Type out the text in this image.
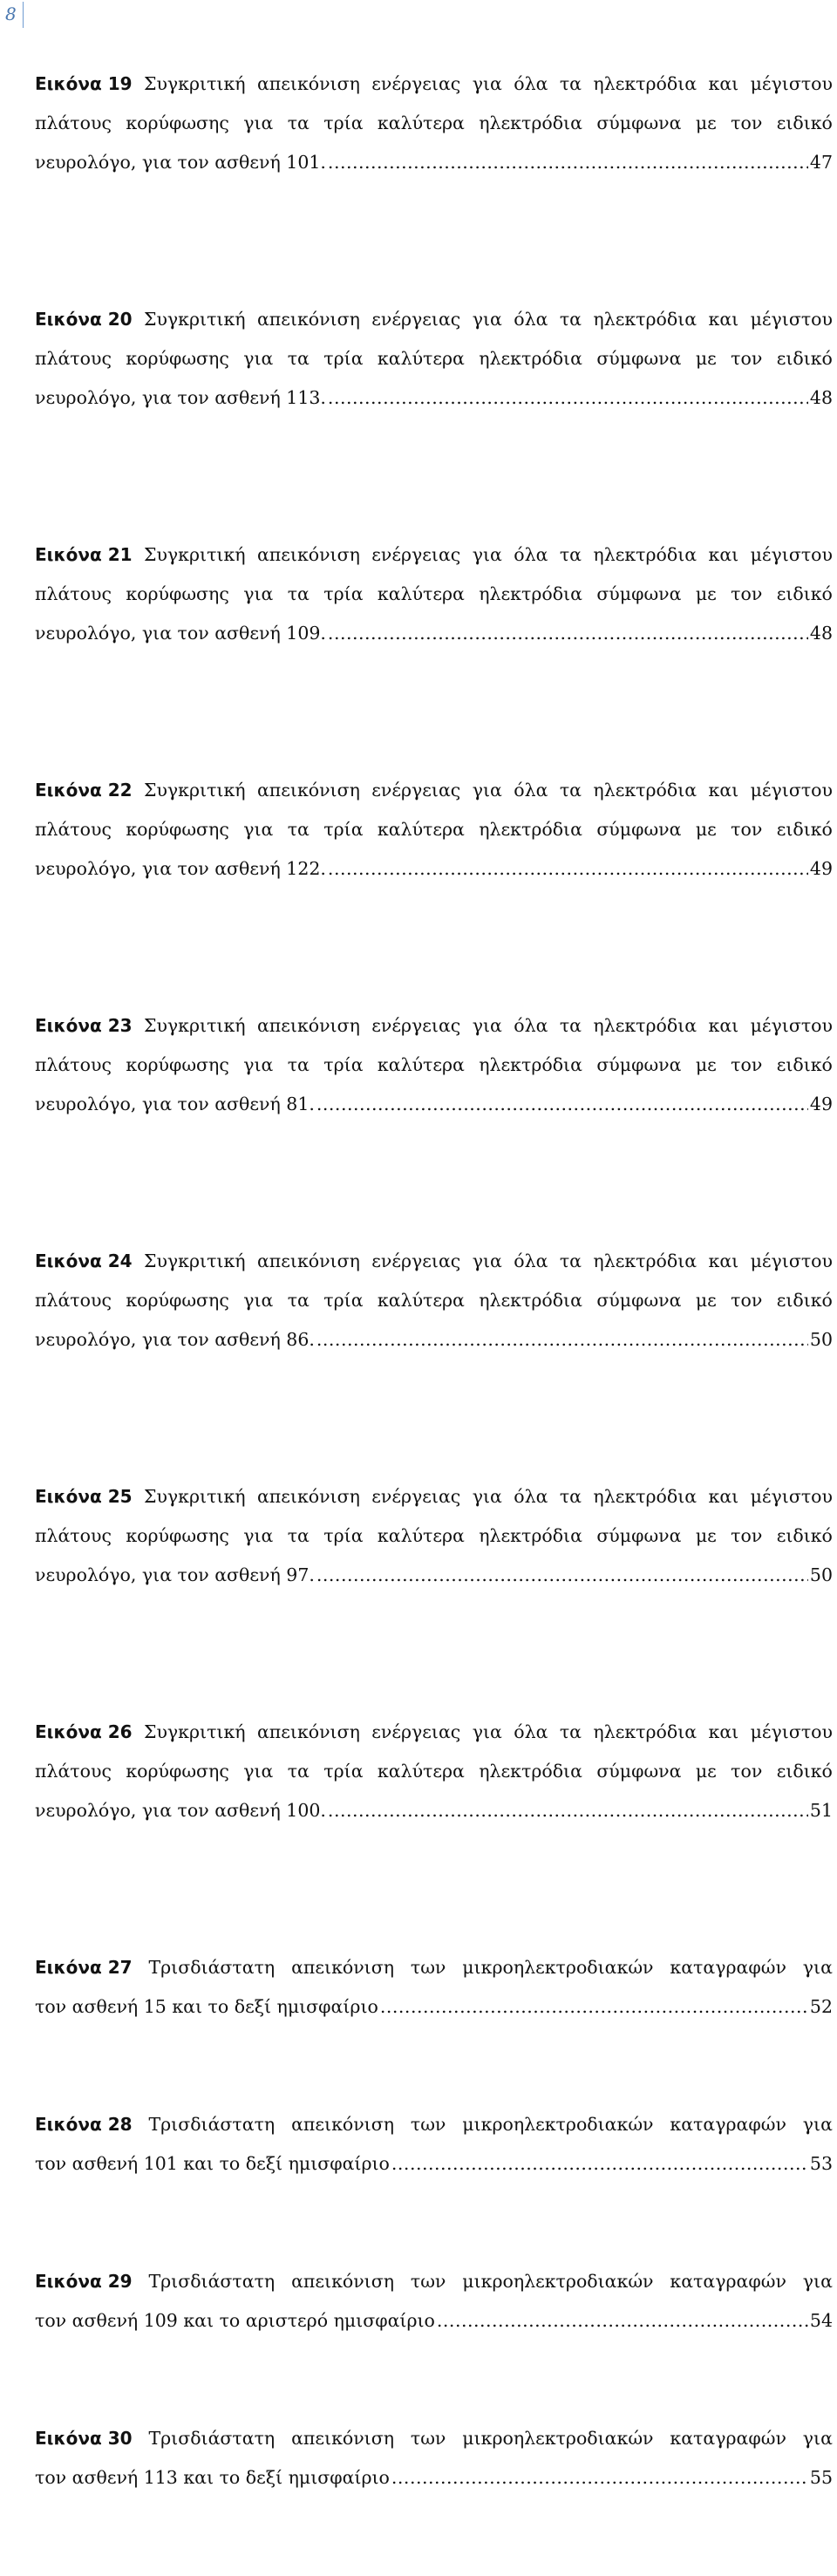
8
Εικόνα 19 Συγκριτική απεικόνιση ενέργειας για όλα τα ηλεκτρόδια και μέγιστου
πλάτους κορύφωσης για τα τρία καλύτερα ηλεκτρόδια σύμφωνα με τον ειδικό
νευρολόγο, για τον ασθενή 101. .....	47
Εικόνα 20 Συγκριτική απεικόνιση ενέργειας για όλα τα ηλεκτρόδια και μέγιστου
πλάτους κορύφωσης για τα τρία καλύτερα ηλεκτρόδια σύμφωνα με τον ειδικό
νευρολόγο, για τον ασθενή 113. .....	48
Εικόνα 21 Συγκριτική απεικόνιση ενέργειας για όλα τα ηλεκτρόδια και μέγιστου
πλάτους κορύφωσης για τα τρία καλύτερα ηλεκτρόδια σύμφωνα με τον ειδικό
νευρολόγο, για τον ασθενή 109. .....	48
Εικόνα 22 Συγκριτική απεικόνιση ενέργειας για όλα τα ηλεκτρόδια και μέγιστου
πλάτους κορύφωσης για τα τρία καλύτερα ηλεκτρόδια σύμφωνα με τον ειδικό
νευρολόγο, για τον ασθενή 122. .....	49
Εικόνα 23 Συγκριτική απεικόνιση ενέργειας για όλα τα ηλεκτρόδια και μέγιστου
πλάτους κορύφωσης για τα τρία καλύτερα ηλεκτρόδια σύμφωνα με τον ειδικό
νευρολόγο, για τον ασθενή 81. .....	49
Εικόνα 24 Συγκριτική απεικόνιση ενέργειας για όλα τα ηλεκτρόδια και μέγιστου
πλάτους κορύφωσης για τα τρία καλύτερα ηλεκτρόδια σύμφωνα με τον ειδικό
νευρολόγο, για τον ασθενή 86. .....	50
Εικόνα 25 Συγκριτική απεικόνιση ενέργειας για όλα τα ηλεκτρόδια και μέγιστου
πλάτους κορύφωσης για τα τρία καλύτερα ηλεκτρόδια σύμφωνα με τον ειδικό
νευρολόγο, για τον ασθενή 97. .....	50
Εικόνα 26 Συγκριτική απεικόνιση ενέργειας για όλα τα ηλεκτρόδια και μέγιστου
πλάτους κορύφωσης για τα τρία καλύτερα ηλεκτρόδια σύμφωνα με τον ειδικό
νευρολόγο, για τον ασθενή 100. .....	51
Εικόνα 27 Τρισδιάστατη απεικόνιση των μικροηλεκτροδιακών καταγραφών για
τον ασθενή 15 και το δεξί ημισφαίριο .....	52
Εικόνα 28 Τρισδιάστατη απεικόνιση των μικροηλεκτροδιακών καταγραφών για
τον ασθενή 101 και το δεξί ημισφαίριο .....	53
Εικόνα 29 Τρισδιάστατη απεικόνιση των μικροηλεκτροδιακών καταγραφών για
τον ασθενή 109 και το αριστερό ημισφαίριο .....	54
Εικόνα 30 Τρισδιάστατη απεικόνιση των μικροηλεκτροδιακών καταγραφών για
τον ασθενή 113 και το δεξί ημισφαίριο .....	55
